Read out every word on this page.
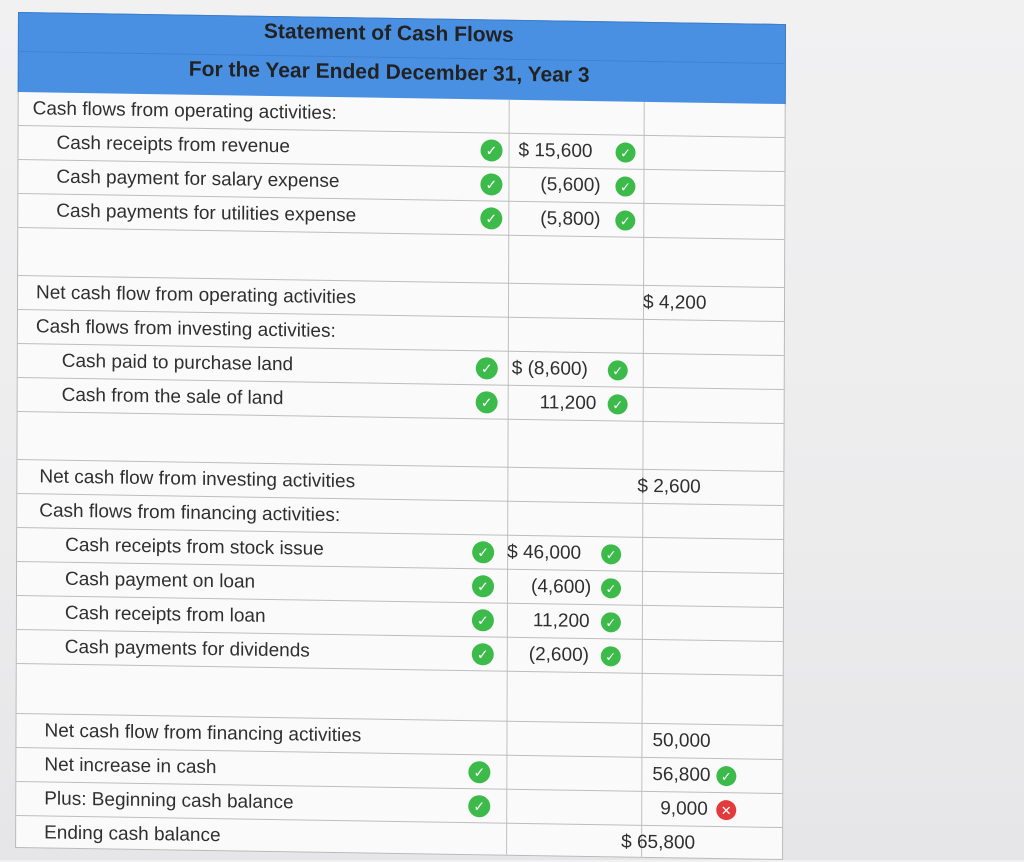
Statement of Cash Flows
For the Year Ended December 31, Year 3
Cash flows from operating activities:
Cash receipts from revenue	✓ $ 15,600	✓
Cash payment for salary expense	✓ (5,600)	✓
Cash payments for utilities expense	✓ (5,800)	✓
Net cash flow from operating activities	$ 4,200
Cash flows from investing activities:
Cash paid to purchase land	✓ $ (8,600)	✓
Cash from the sale of land	✓ 11,200	✓
Net cash flow from investing activities	$ 2,600
Cash flows from financing activities:
Cash receipts from stock issue	✓ $ 46,000	✓
Cash payment on loan	✓ (4,600)	✓
Cash receipts from loan	✓ 11,200	✓
Cash payments for dividends	✓ (2,600)	✓
Net cash flow from financing activities	50,000
Net increase in cash	✓	56,800 ✓
Plus: Beginning cash balance	✓	9,000 ✕
Ending cash balance	$ 65,800
